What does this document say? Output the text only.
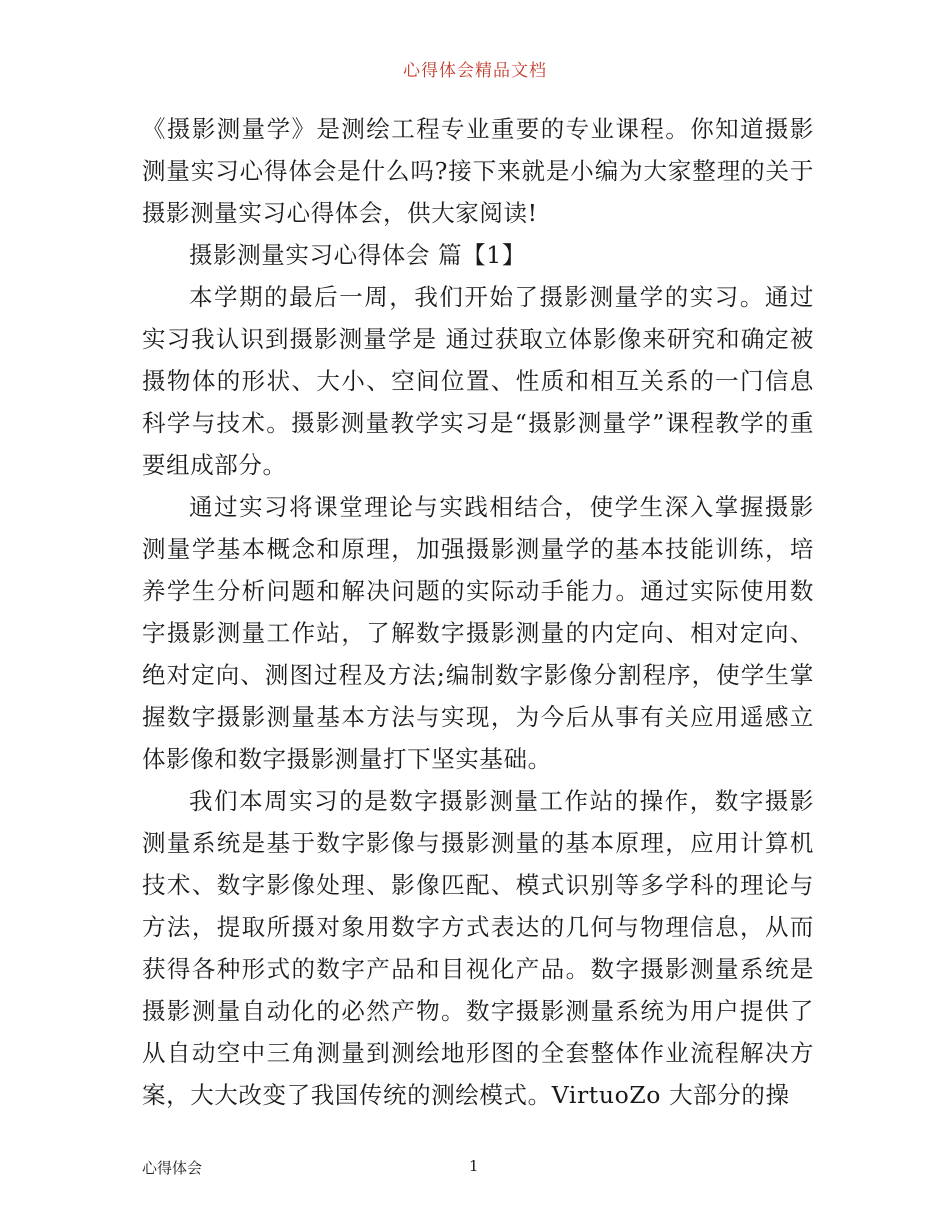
心得体会精品文档

《摄影测量学》是测绘工程专业重要的专业课程。你知道摄影测量实习心得体会是什么吗?接下来就是小编为大家整理的关于摄影测量实习心得体会，供大家阅读!

摄影测量实习心得体会 篇【1】

本学期的最后一周，我们开始了摄影测量学的实习。通过实习我认识到摄影测量学是 通过获取立体影像来研究和确定被摄物体的形状、大小、空间位置、性质和相互关系的一门信息科学与技术。摄影测量教学实习是“摄影测量学”课程教学的重要组成部分。

通过实习将课堂理论与实践相结合，使学生深入掌握摄影测量学基本概念和原理，加强摄影测量学的基本技能训练，培养学生分析问题和解决问题的实际动手能力。通过实际使用数字摄影测量工作站，了解数字摄影测量的内定向、相对定向、绝对定向、测图过程及方法;编制数字影像分割程序，使学生掌握数字摄影测量基本方法与实现，为今后从事有关应用遥感立体影像和数字摄影测量打下坚实基础。

我们本周实习的是数字摄影测量工作站的操作，数字摄影测量系统是基于数字影像与摄影测量的基本原理，应用计算机技术、数字影像处理、影像匹配、模式识别等多学科的理论与方法，提取所摄对象用数字方式表达的几何与物理信息，从而获得各种形式的数字产品和目视化产品。数字摄影测量系统是摄影测量自动化的必然产物。数字摄影测量系统为用户提供了从自动空中三角测量到测绘地形图的全套整体作业流程解决方案，大大改变了我国传统的测绘模式。VirtuoZo 大部分的操

心得体会	1
